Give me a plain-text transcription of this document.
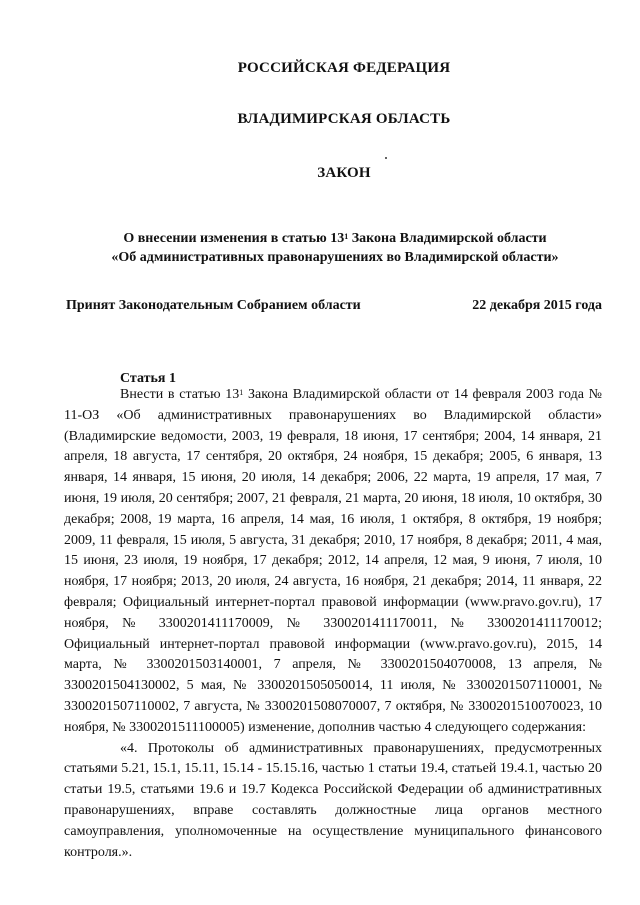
РОССИЙСКАЯ ФЕДЕРАЦИЯ
ВЛАДИМИРСКАЯ ОБЛАСТЬ
ЗАКОН
О внесении изменения в статью $13^1$ Закона Владимирской области
«Об административных правонарушениях во Владимирской области»
Принят Законодательным Собранием области	22 декабря 2015 года
Статья 1

Внести в статью $13^1$ Закона Владимирской области от 14 февраля 2003 года № 11-ОЗ «Об административных правонарушениях во Владимирской области» (Владимирские ведомости, 2003, 19 февраля, 18 июня, 17 сентября; 2004, 14 января, 21 апреля, 18 августа, 17 сентября, 20 октября, 24 ноября, 15 декабря; 2005, 6 января, 13 января, 14 января, 15 июня, 20 июля, 14 декабря; 2006, 22 марта, 19 апреля, 17 мая, 7 июня, 19 июля, 20 сентября; 2007, 21 февраля, 21 марта, 20 июня, 18 июля, 10 октября, 30 декабря; 2008, 19 марта, 16 апреля, 14 мая, 16 июля, 1 октября, 8 октября, 19 ноября; 2009, 11 февраля, 15 июля, 5 августа, 31 декабря; 2010, 17 ноября, 8 декабря; 2011, 4 мая, 15 июня, 23 июля, 19 ноября, 17 декабря; 2012, 14 апреля, 12 мая, 9 июня, 7 июля, 10 ноября, 17 ноября; 2013, 20 июля, 24 августа, 16 ноября, 21 декабря; 2014, 11 января, 22 февраля; Официальный интернет-портал правовой информации (www.pravo.gov.ru), 17 ноября, № 3300201411170009, № 3300201411170011, № 3300201411170012; Официальный интернет-портал правовой информации (www.pravo.gov.ru), 2015, 14 марта, № 3300201503140001, 7 апреля, № 3300201504070008, 13 апреля, № 3300201504130002, 5 мая, № 3300201505050014, 11 июля, № 3300201507110001, № 3300201507110002, 7 августа, № 3300201508070007, 7 октября, № 3300201510070023, 10 ноября, № 3300201511100005) изменение, дополнив частью 4 следующего содержания:

«4. Протоколы об административных правонарушениях, предусмотренных статьями 5.21, 15.1, 15.11, 15.14 - 15.15.16, частью 1 статьи 19.4, статьей 19.4.1, частью 20 статьи 19.5, статьями 19.6 и 19.7 Кодекса Российской Федерации об административных правонарушениях, вправе составлять должностные лица органов местного самоуправления, уполномоченные на осуществление муниципального финансового контроля.».
